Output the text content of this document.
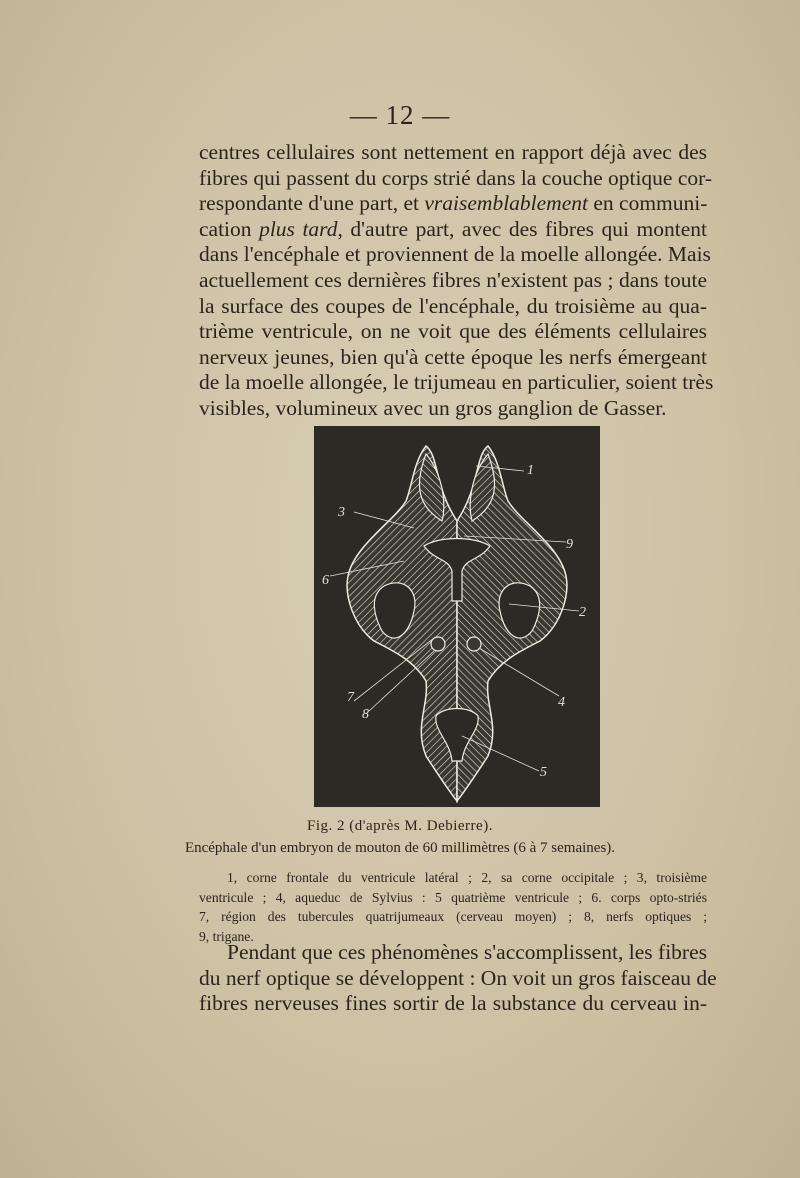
— 12 —
centres cellulaires sont nettement en rapport déjà avec des
fibres qui passent du corps strié dans la couche optique cor-
respondante d'une part, et vraisemblablement en communi-
cation plus tard, d'autre part, avec des fibres qui montent
dans l'encéphale et proviennent de la moelle allongée. Mais
actuellement ces dernières fibres n'existent pas ; dans toute
la surface des coupes de l'encéphale, du troisième au qua-
trième ventricule, on ne voit que des éléments cellulaires
nerveux jeunes, bien qu'à cette époque les nerfs émergeant
de la moelle allongée, le trijumeau en particulier, soient très
visibles, volumineux avec un gros ganglion de Gasser.
1
2
3
4
5
6
7
8
9
Fig. 2 (d'après M. Debierre).
Encéphale d'un embryon de mouton de 60 millimètres (6 à 7 semaines).
1, corne frontale du ventricule latéral ; 2, sa corne occipitale ; 3, troisième
ventricule ; 4, aqueduc de Sylvius : 5 quatrième ventricule ; 6. corps opto-striés
7, région des tubercules quatrijumeaux (cerveau moyen) ; 8, nerfs optiques ;
9, trigane.
Pendant que ces phénomènes s'accomplissent, les fibres
du nerf optique se développent : On voit un gros faisceau de
fibres nerveuses fines sortir de la substance du cerveau in-
